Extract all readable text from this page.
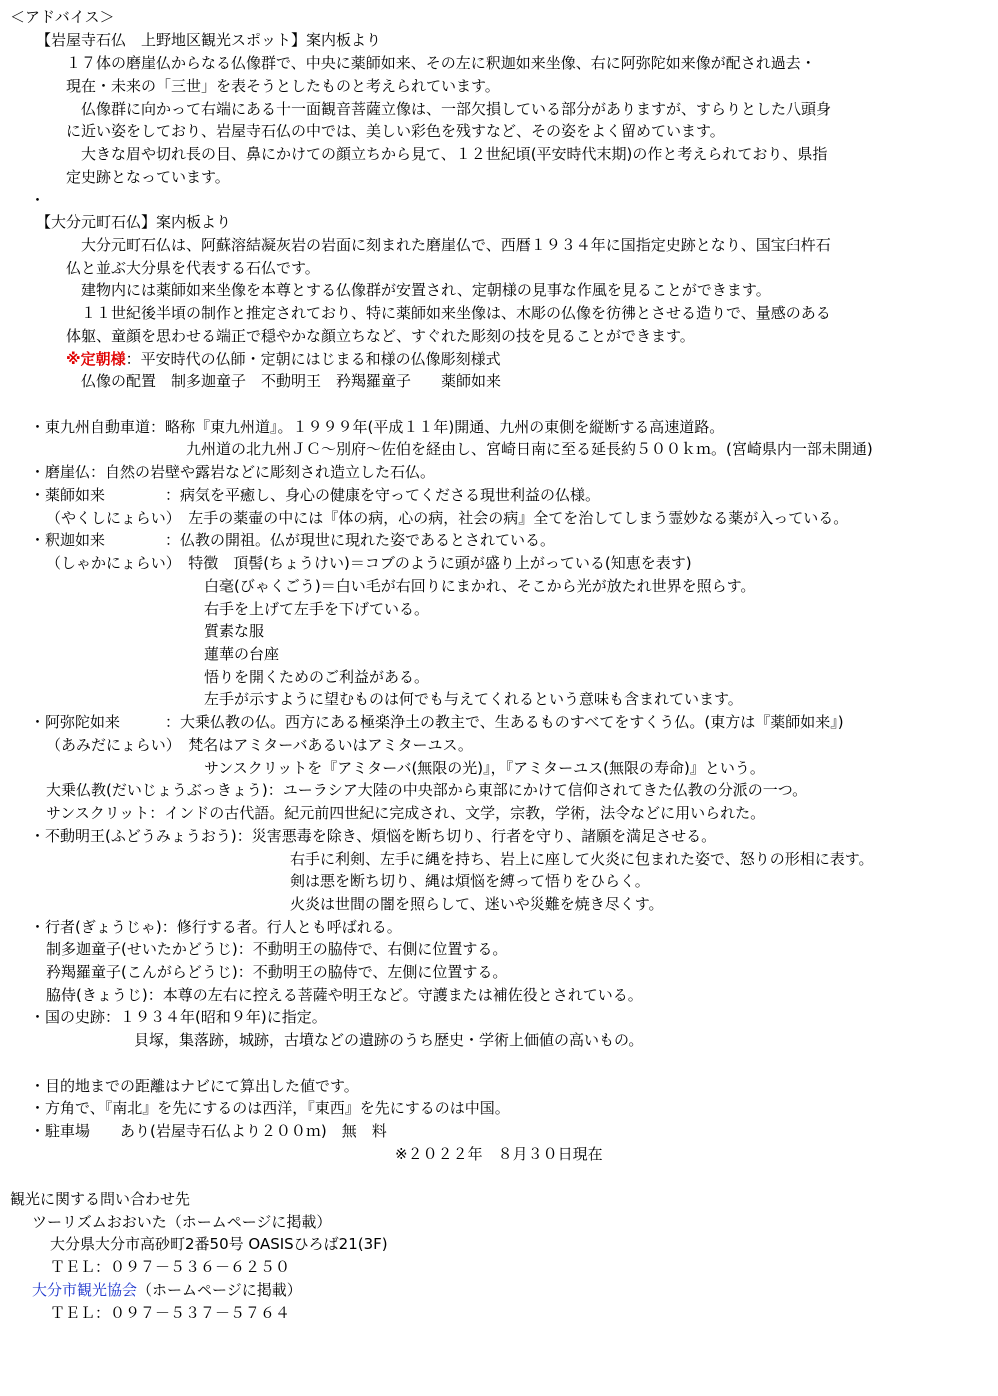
＜アドバイス＞
【岩屋寺石仏　上野地区観光スポット】案内板より
１７体の磨崖仏からなる仏像群で、中央に薬師如来、その左に釈迦如来坐像、右に阿弥陀如来像が配され過去・
現在・未来の「三世」を表そうとしたものと考えられています。
仏像群に向かって右端にある十一面観音菩薩立像は、一部欠損している部分がありますが、すらりとした八頭身
に近い姿をしており、岩屋寺石仏の中では、美しい彩色を残すなど、その姿をよく留めています。
大きな眉や切れ長の目、鼻にかけての顔立ちから見て、１２世紀頃(平安時代末期)の作と考えられており、県指
定史跡となっています。
・
【大分元町石仏】案内板より
大分元町石仏は、阿蘇溶結凝灰岩の岩面に刻まれた磨崖仏で、西暦１９３４年に国指定史跡となり、国宝臼杵石
仏と並ぶ大分県を代表する石仏です。
建物内には薬師如来坐像を本尊とする仏像群が安置され、定朝様の見事な作風を見ることができます。
１１世紀後半頃の制作と推定されており、特に薬師如来坐像は、木彫の仏像を彷彿とさせる造りで、量感のある
体躯、童顔を思わせる端正で穏やかな顔立ちなど、すぐれた彫刻の技を見ることができます。
※定朝様：平安時代の仏師・定朝にはじまる和様の仏像彫刻様式
仏像の配置　制多迦童子　不動明王　矜羯羅童子　　薬師如来
・東九州自動車道：略称『東九州道』。１９９９年(平成１１年)開通、九州の東側を縦断する高速道路。
九州道の北九州ＪＣ～別府～佐伯を経由し、宮崎日南に至る延長約５００ｋｍ。(宮崎県内一部未開通)
・磨崖仏：自然の岩壁や露岩などに彫刻され造立した石仏。
・薬師如来　　　　：病気を平癒し、身心の健康を守ってくださる現世利益の仏様。
（やくしにょらい）　左手の薬壷の中には『体の病，心の病，社会の病』全てを治してしまう霊妙なる薬が入っている。
・釈迦如来　　　　：仏教の開祖。仏が現世に現れた姿であるとされている。
（しゃかにょらい）　特徴　頂髻(ちょうけい)＝コブのように頭が盛り上がっている(知恵を表す)
白毫(びゃくごう)＝白い毛が右回りにまかれ、そこから光が放たれ世界を照らす。
右手を上げて左手を下げている。
質素な服
蓮華の台座
悟りを開くためのご利益がある。
左手が示すように望むものは何でも与えてくれるという意味も含まれています。
・阿弥陀如来　　　：大乗仏教の仏。西方にある極楽浄土の教主で、生あるものすべてをすくう仏。(東方は『薬師如来』)
（あみだにょらい）　梵名はアミターバあるいはアミターユス。
サンスクリットを『アミターバ(無限の光)』，『アミターユス(無限の寿命)』という。
大乗仏教(だいじょうぶっきょう)：ユーラシア大陸の中央部から東部にかけて信仰されてきた仏教の分派の一つ。
サンスクリット：インドの古代語。紀元前四世紀に完成され、文学，宗教，学術，法令などに用いられた。
・不動明王(ふどうみょうおう)：災害悪毒を除き、煩悩を断ち切り、行者を守り、諸願を満足させる。
右手に利剣、左手に縄を持ち、岩上に座して火炎に包まれた姿で、怒りの形相に表す。
剣は悪を断ち切り、縄は煩悩を縛って悟りをひらく。
火炎は世間の闇を照らして、迷いや災難を焼き尽くす。
・行者(ぎょうじゃ)：修行する者。行人とも呼ばれる。
制多迦童子(せいたかどうじ)：不動明王の脇侍で、右側に位置する。
矜羯羅童子(こんがらどうじ)：不動明王の脇侍で、左側に位置する。
脇侍(きょうじ)：本尊の左右に控える菩薩や明王など。守護または補佐役とされている。
・国の史跡：１９３４年(昭和９年)に指定。
貝塚，集落跡，城跡，古墳などの遺跡のうち歴史・学術上価値の高いもの。
・目的地までの距離はナビにて算出した値です。
・方角で、『南北』を先にするのは西洋，『東西』を先にするのは中国。
・駐車場　　あり(岩屋寺石仏より２００ｍ)　無　料
※２０２２年　８月３０日現在
観光に関する問い合わせ先
ツーリズムおおいた（ホームページに掲載）
大分県大分市高砂町2番50号 OASISひろば21(3F)
ＴＥＬ：０９７－５３６－６２５０
大分市観光協会（ホームページに掲載）
ＴＥＬ：０９７－５３７－５７６４
